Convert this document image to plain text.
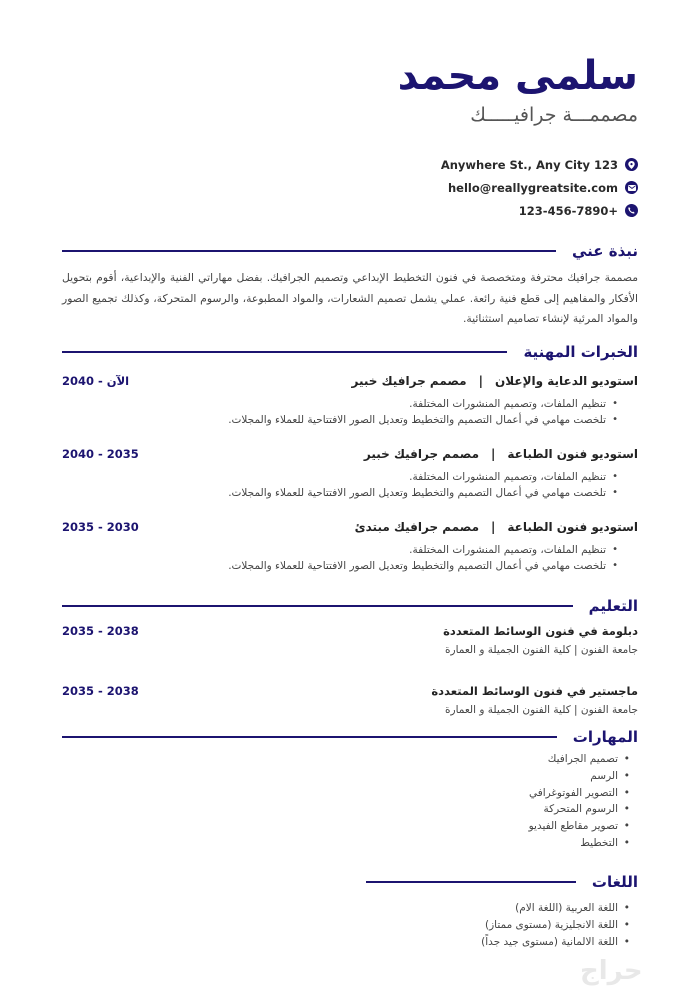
سلمى محمد
مصممـــة جرافيـــــك
Anywhere St., Any City 123
hello@reallygreatsite.com
123-456-7890+
نبذة عني

مصممة جرافيك محترفة ومتخصصة في فنون التخطيط الإبداعي وتصميم الجرافيك. بفضل مهاراتي الفنية والإبداعية، أقوم بتحويل الأفكار والمفاهيم إلى قطع فنية رائعة. عملي يشمل تصميم الشعارات، والمواد المطبوعة، والرسوم المتحركة، وكذلك تجميع الصور والمواد المرئية لإنشاء تصاميم استثنائية.

الخبرات المهنية
استوديو الدعاية والإعلان|مصمم جرافيك خبير
2040 - الآن
• تنظيم الملفات، وتصميم المنشورات المختلفة.
• تلخصت مهامي في أعمال التصميم والتخطيط وتعديل الصور الافتتاحية للعملاء والمجلات.
استوديو فنون الطباعة|مصمم جرافيك خبير
2040 - 2035
• تنظيم الملفات، وتصميم المنشورات المختلفة.
• تلخصت مهامي في أعمال التصميم والتخطيط وتعديل الصور الافتتاحية للعملاء والمجلات.
استوديو فنون الطباعة|مصمم جرافيك مبتدئ
2035 - 2030
• تنظيم الملفات، وتصميم المنشورات المختلفة.
• تلخصت مهامي في أعمال التصميم والتخطيط وتعديل الصور الافتتاحية للعملاء والمجلات.
التعليم
دبلومة في فنون الوسائط المتعددة
2035 - 2038
جامعة الفنون | كلية الفنون الجميلة و العمارة
ماجستير في فنون الوسائط المتعددة
2035 - 2038
جامعة الفنون | كلية الفنون الجميلة و العمارة
المهارات
• تصميم الجرافيك
• الرسم
• التصوير الفوتوغرافي
• الرسوم المتحركة
• تصوير مقاطع الفيديو
• التخطيط
اللغات
• اللغة العربية (اللغة الام)
• اللغة الانجليزية (مستوى ممتاز)
• اللغة الالمانية (مستوى جيد جداً)
حراج
